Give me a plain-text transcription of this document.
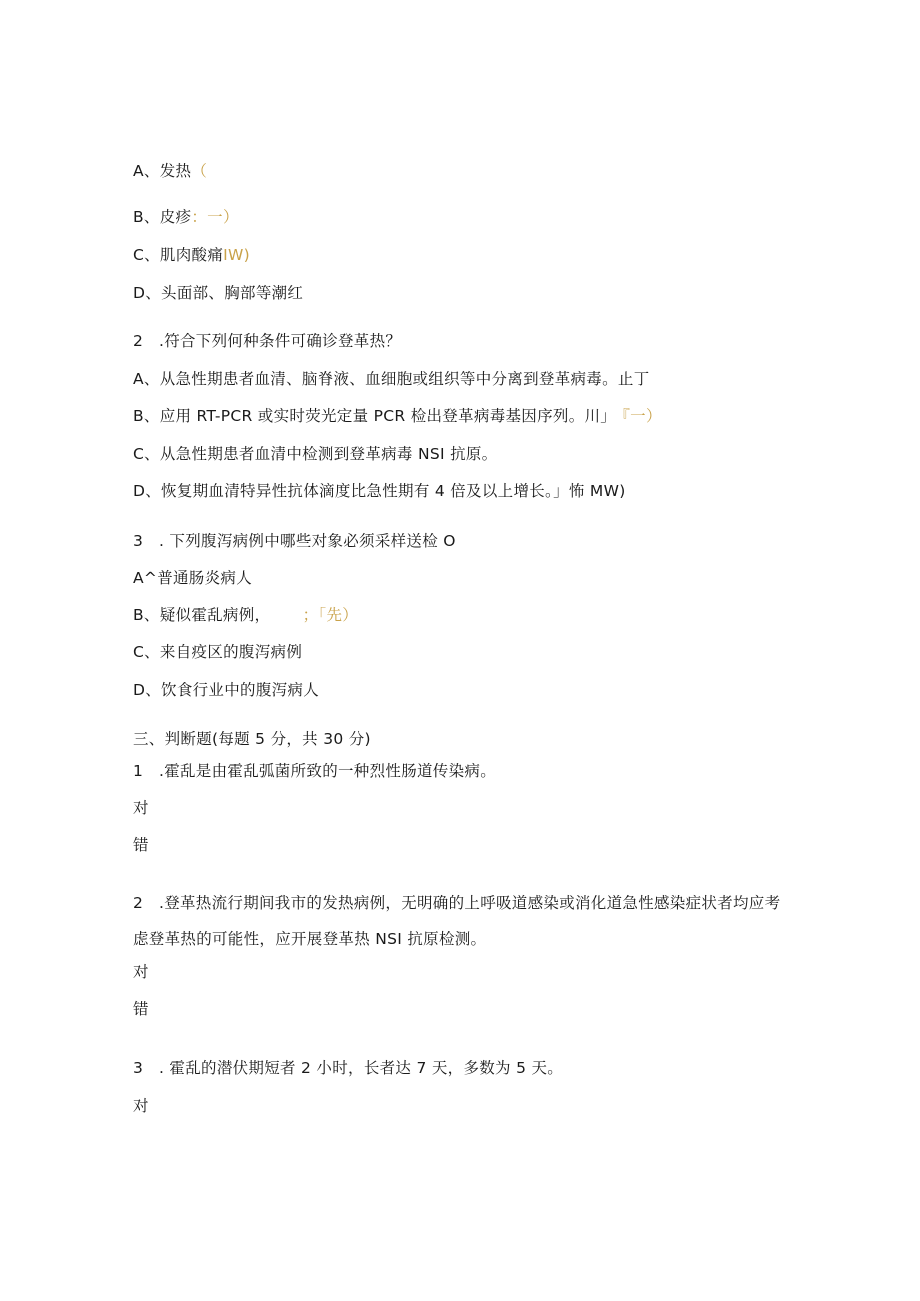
A、发热（
B、皮疹：一）
C、肌肉酸痛IW)
D、头面部、胸部等潮红
2　.符合下列何种条件可确诊登革热？
A、从急性期患者血清、脑脊液、血细胞或组织等中分离到登革病毒。止丁
B、应用 RT-PCR 或实时荧光定量 PCR 检出登革病毒基因序列。川」 『一）
C、从急性期患者血清中检测到登革病毒 NSI 抗原。
D、恢复期血清特异性抗体滴度比急性期有 4 倍及以上增长。」怖 MW)
3　. 下列腹泻病例中哪些对象必须采样送检 O
A^普通肠炎病人
B、疑似霍乱病例，	；「先）
C、来自疫区的腹泻病例
D、饮食行业中的腹泻病人
三、判断题(每题 5 分，共 30 分)
1　.霍乱是由霍乱弧菌所致的一种烈性肠道传染病。
对
错
2　.登革热流行期间我市的发热病例，无明确的上呼吸道感染或消化道急性感染症状者均应考虑登革热的可能性，应开展登革热 NSI 抗原检测。
对
错
3　. 霍乱的潜伏期短者 2 小时，长者达 7 天，多数为 5 天。
对
